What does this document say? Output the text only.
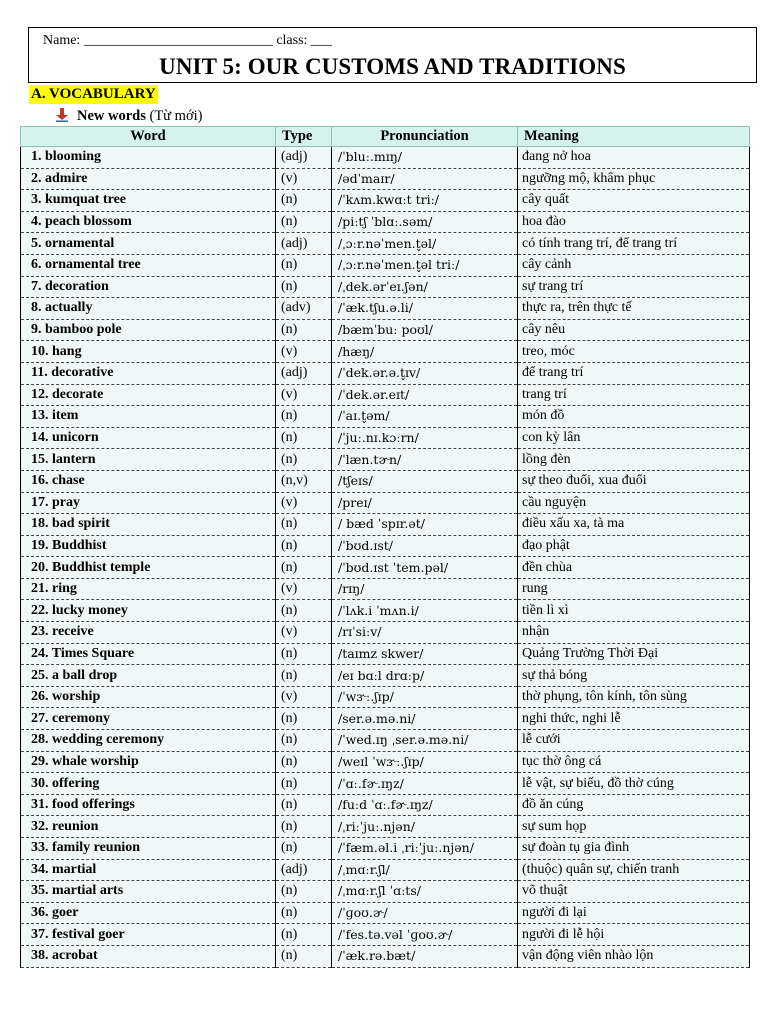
Name: ___________________________ class: ___
UNIT 5: OUR CUSTOMS AND TRADITIONS
A. VOCABULARY
New words (Từ mới)
Word	Type	Pronunciation	Meaning
1. blooming	(adj)	/ˈbluː.mɪŋ/	đang nở hoa
2. admire	(v)	/ədˈmaɪr/	ngưỡng mộ, khâm phục
3. kumquat tree	(n)	/ˈkʌm.kwɑːt triː/	cây quất
4. peach blossom	(n)	/piːtʃ ˈblɑː.səm/	hoa đào
5. ornamental	(adj)	/ˌɔːr.nəˈmen.t̬əl/	có tính trang trí, để trang trí
6. ornamental tree	(n)	/ˌɔːr.nəˈmen.t̬əl triː/	cây cảnh
7. decoration	(n)	/ˌdek.ərˈeɪ.ʃən/	sự trang trí
8. actually	(adv)	/ˈæk.tʃu.ə.li/	thực ra, trên thực tế
9. bamboo pole	(n)	/bæmˈbuː poʊl/	cây nêu
10. hang	(v)	/hæŋ/	treo, móc
11. decorative	(adj)	/ˈdek.ər.ə.t̬ɪv/	để trang trí
12. decorate	(v)	/ˈdek.ər.eɪt/	trang trí
13. item	(n)	/ˈaɪ.t̬əm/	món đồ
14. unicorn	(n)	/ˈjuː.nɪ.kɔːrn/	con kỳ lân
15. lantern	(n)	/ˈlæn.tɚn/	lồng đèn
16. chase	(n,v)	/tʃeɪs/	sự theo đuổi, xua đuổi
17. pray	(v)	/preɪ/	cầu nguyện
18. bad spirit	(n)	/ bæd ˈspɪr.ət/	điều xấu xa, tà ma
19. Buddhist	(n)	/ˈbʊd.ɪst/	đạo phật
20. Buddhist temple	(n)	/ˈbʊd.ɪst ˈtem.pəl/	đền chùa
21. ring	(v)	/rɪŋ/	rung
22. lucky money	(n)	/ˈlʌk.i ˈmʌn.i/	tiền lì xì
23. receive	(v)	/rɪˈsiːv/	nhận
24. Times Square	(n)	/taɪmz skwer/	Quảng Trường Thời Đại
25. a ball drop	(n)	/eɪ bɑːl drɑːp/	sự thả bóng
26. worship	(v)	/ˈwɝː.ʃɪp/	thờ phụng, tôn kính, tôn sùng
27. ceremony	(n)	/ser.ə.mə.ni/	nghi thức, nghi lễ
28. wedding ceremony	(n)	/ˈwed.ɪŋ ˌser.ə.mə.ni/	lễ cưới
29. whale worship	(n)	/weɪl ˈwɝː.ʃɪp/	tục thờ ông cá
30. offering	(n)	/ˈɑː.fɚ.ɪŋz/	lễ vật, sự biếu, đồ thờ cúng
31. food offerings	(n)	/fuːd ˈɑː.fɚ.ɪŋz/	đồ ăn cúng
32. reunion	(n)	/ˌriːˈjuː.njən/	sự sum họp
33. family reunion	(n)	/ˈfæm.əl.i ˌriːˈjuː.njən/	sự đoàn tụ gia đình
34. martial	(adj)	/ˌmɑːr.ʃl/	(thuộc) quân sự, chiến tranh
35. martial arts	(n)	/ˌmɑːr.ʃl ˈɑːts/	võ thuật
36. goer	(n)	/ˈɡoʊ.ɚ/	người đi lại
37. festival goer	(n)	/ˈfes.tə.vəl ˈɡoʊ.ɚ/	người đi lễ hội
38. acrobat	(n)	/ˈæk.rə.bæt/	vận động viên nhào lộn
